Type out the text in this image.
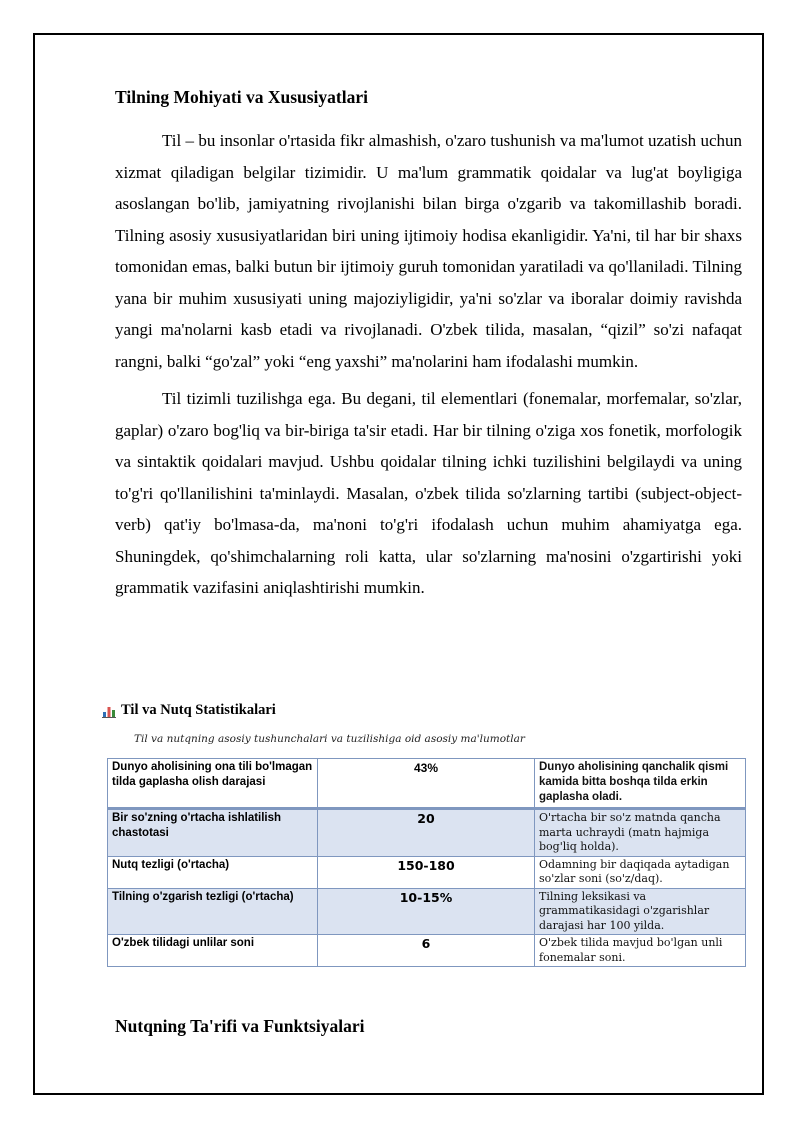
Tilning Mohiyati va Xususiyatlari

Til – bu insonlar o'rtasida fikr almashish, o'zaro tushunish va ma'lumot uzatish uchun xizmat qiladigan belgilar tizimidir. U ma'lum grammatik qoidalar va lug'at boyligiga asoslangan bo'lib, jamiyatning rivojlanishi bilan birga o'zgarib va takomillashib boradi. Tilning asosiy xususiyatlaridan biri uning ijtimoiy hodisa ekanligidir. Ya'ni, til har bir shaxs tomonidan emas, balki butun bir ijtimoiy guruh tomonidan yaratiladi va qo'llaniladi. Tilning yana bir muhim xususiyati uning majoziyligidir, ya'ni so'zlar va iboralar doimiy ravishda yangi ma'nolarni kasb etadi va rivojlanadi. O'zbek tilida, masalan, “qizil” so'zi nafaqat rangni, balki “go'zal” yoki “eng yaxshi” ma'nolarini ham ifodalashi mumkin.

Til tizimli tuzilishga ega. Bu degani, til elementlari (fonemalar, morfemalar, so'zlar, gaplar) o'zaro bog'liq va bir-biriga ta'sir etadi. Har bir tilning o'ziga xos fonetik, morfologik va sintaktik qoidalari mavjud. Ushbu qoidalar tilning ichki tuzilishini belgilaydi va uning to'g'ri qo'llanilishini ta'minlaydi. Masalan, o'zbek tilida so'zlarning tartibi (subject-object-verb) qat'iy bo'lmasa-da, ma'noni to'g'ri ifodalash uchun muhim ahamiyatga ega. Shuningdek, qo'shimchalarning roli katta, ular so'zlarning ma'nosini o'zgartirishi yoki grammatik vazifasini aniqlashtirishi mumkin.

Til va Nutq Statistikalari
Til va nutqning asosiy tushunchalari va tuzilishiga oid asosiy ma'lumotlar
Dunyo aholisining ona tili bo'lmagan tilda gaplasha olish darajasi	43%	Dunyo aholisining qanchalik qismi kamida bitta boshqa tilda erkin gaplasha oladi.
Bir so'zning o'rtacha ishlatilish chastotasi	20	O'rtacha bir so'z matnda qancha marta uchraydi (matn hajmiga bog'liq holda).
Nutq tezligi (o'rtacha)	150-180	Odamning bir daqiqada aytadigan so'zlar soni (so'z/daq).
Tilning o'zgarish tezligi (o'rtacha)	10-15%	Tilning leksikasi va grammatikasidagi o'zgarishlar darajasi har 100 yilda.
O'zbek tilidagi unlilar soni	6	O'zbek tilida mavjud bo'lgan unli fonemalar soni.
Nutqning Ta'rifi va Funktsiyalari
